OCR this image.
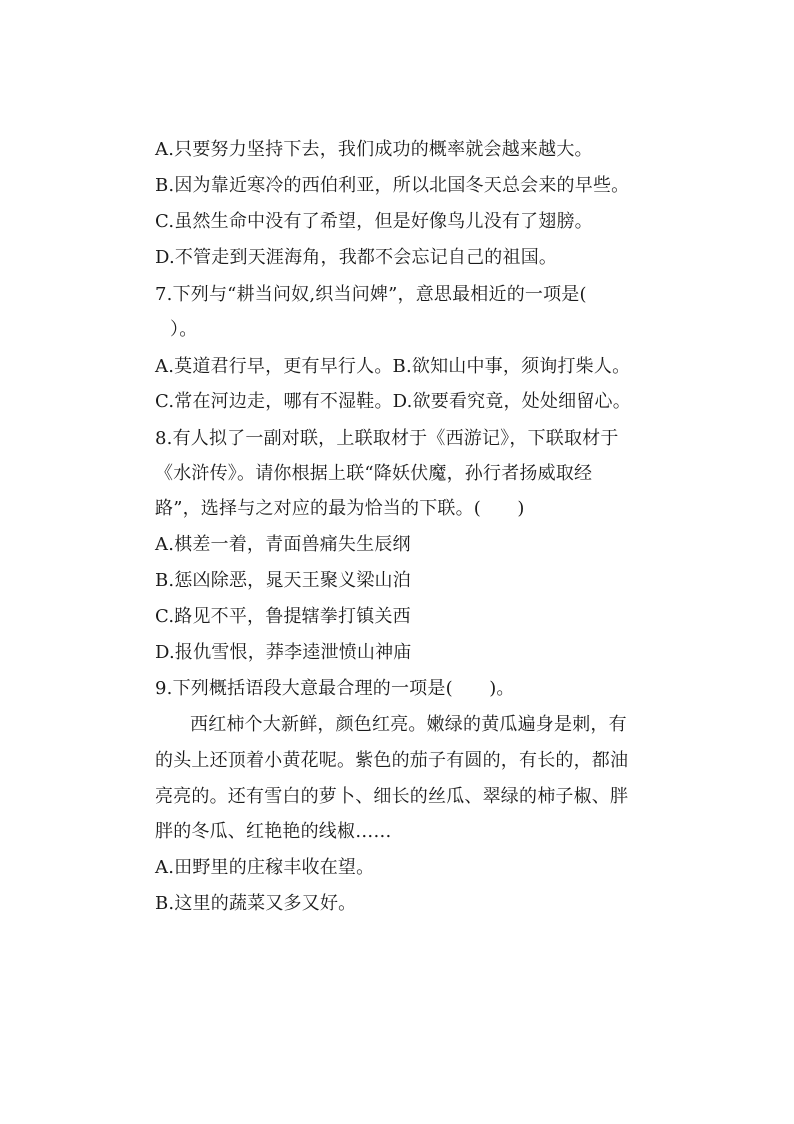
A.只要努力坚持下去，我们成功的概率就会越来越大。
B.因为靠近寒冷的西伯利亚，所以北国冬天总会来的早些。
C.虽然生命中没有了希望，但是好像鸟儿没有了翅膀。
D.不管走到天涯海角，我都不会忘记自己的祖国。
7.下列与“耕当问奴,织当问婢”，意思最相近的一项是(
）。
A.莫道君行早，更有早行人。B.欲知山中事，须询打柴人。
C.常在河边走，哪有不湿鞋。D.欲要看究竟，处处细留心。
8.有人拟了一副对联，上联取材于《西游记》，下联取材于
《水浒传》。请你根据上联“降妖伏魔，孙行者扬威取经
路”，选择与之对应的最为恰当的下联。(　　)
A.棋差一着，青面兽痛失生辰纲
B.惩凶除恶，晁天王聚义梁山泊
C.路见不平，鲁提辖拳打镇关西
D.报仇雪恨，莽李逵泄愤山神庙
9.下列概括语段大意最合理的一项是(　　)。
西红柿个大新鲜，颜色红亮。嫩绿的黄瓜遍身是刺，有
的头上还顶着小黄花呢。紫色的茄子有圆的，有长的，都油
亮亮的。还有雪白的萝卜、细长的丝瓜、翠绿的柿子椒、胖
胖的冬瓜、红艳艳的线椒……
A.田野里的庄稼丰收在望。
B.这里的蔬菜又多又好。
